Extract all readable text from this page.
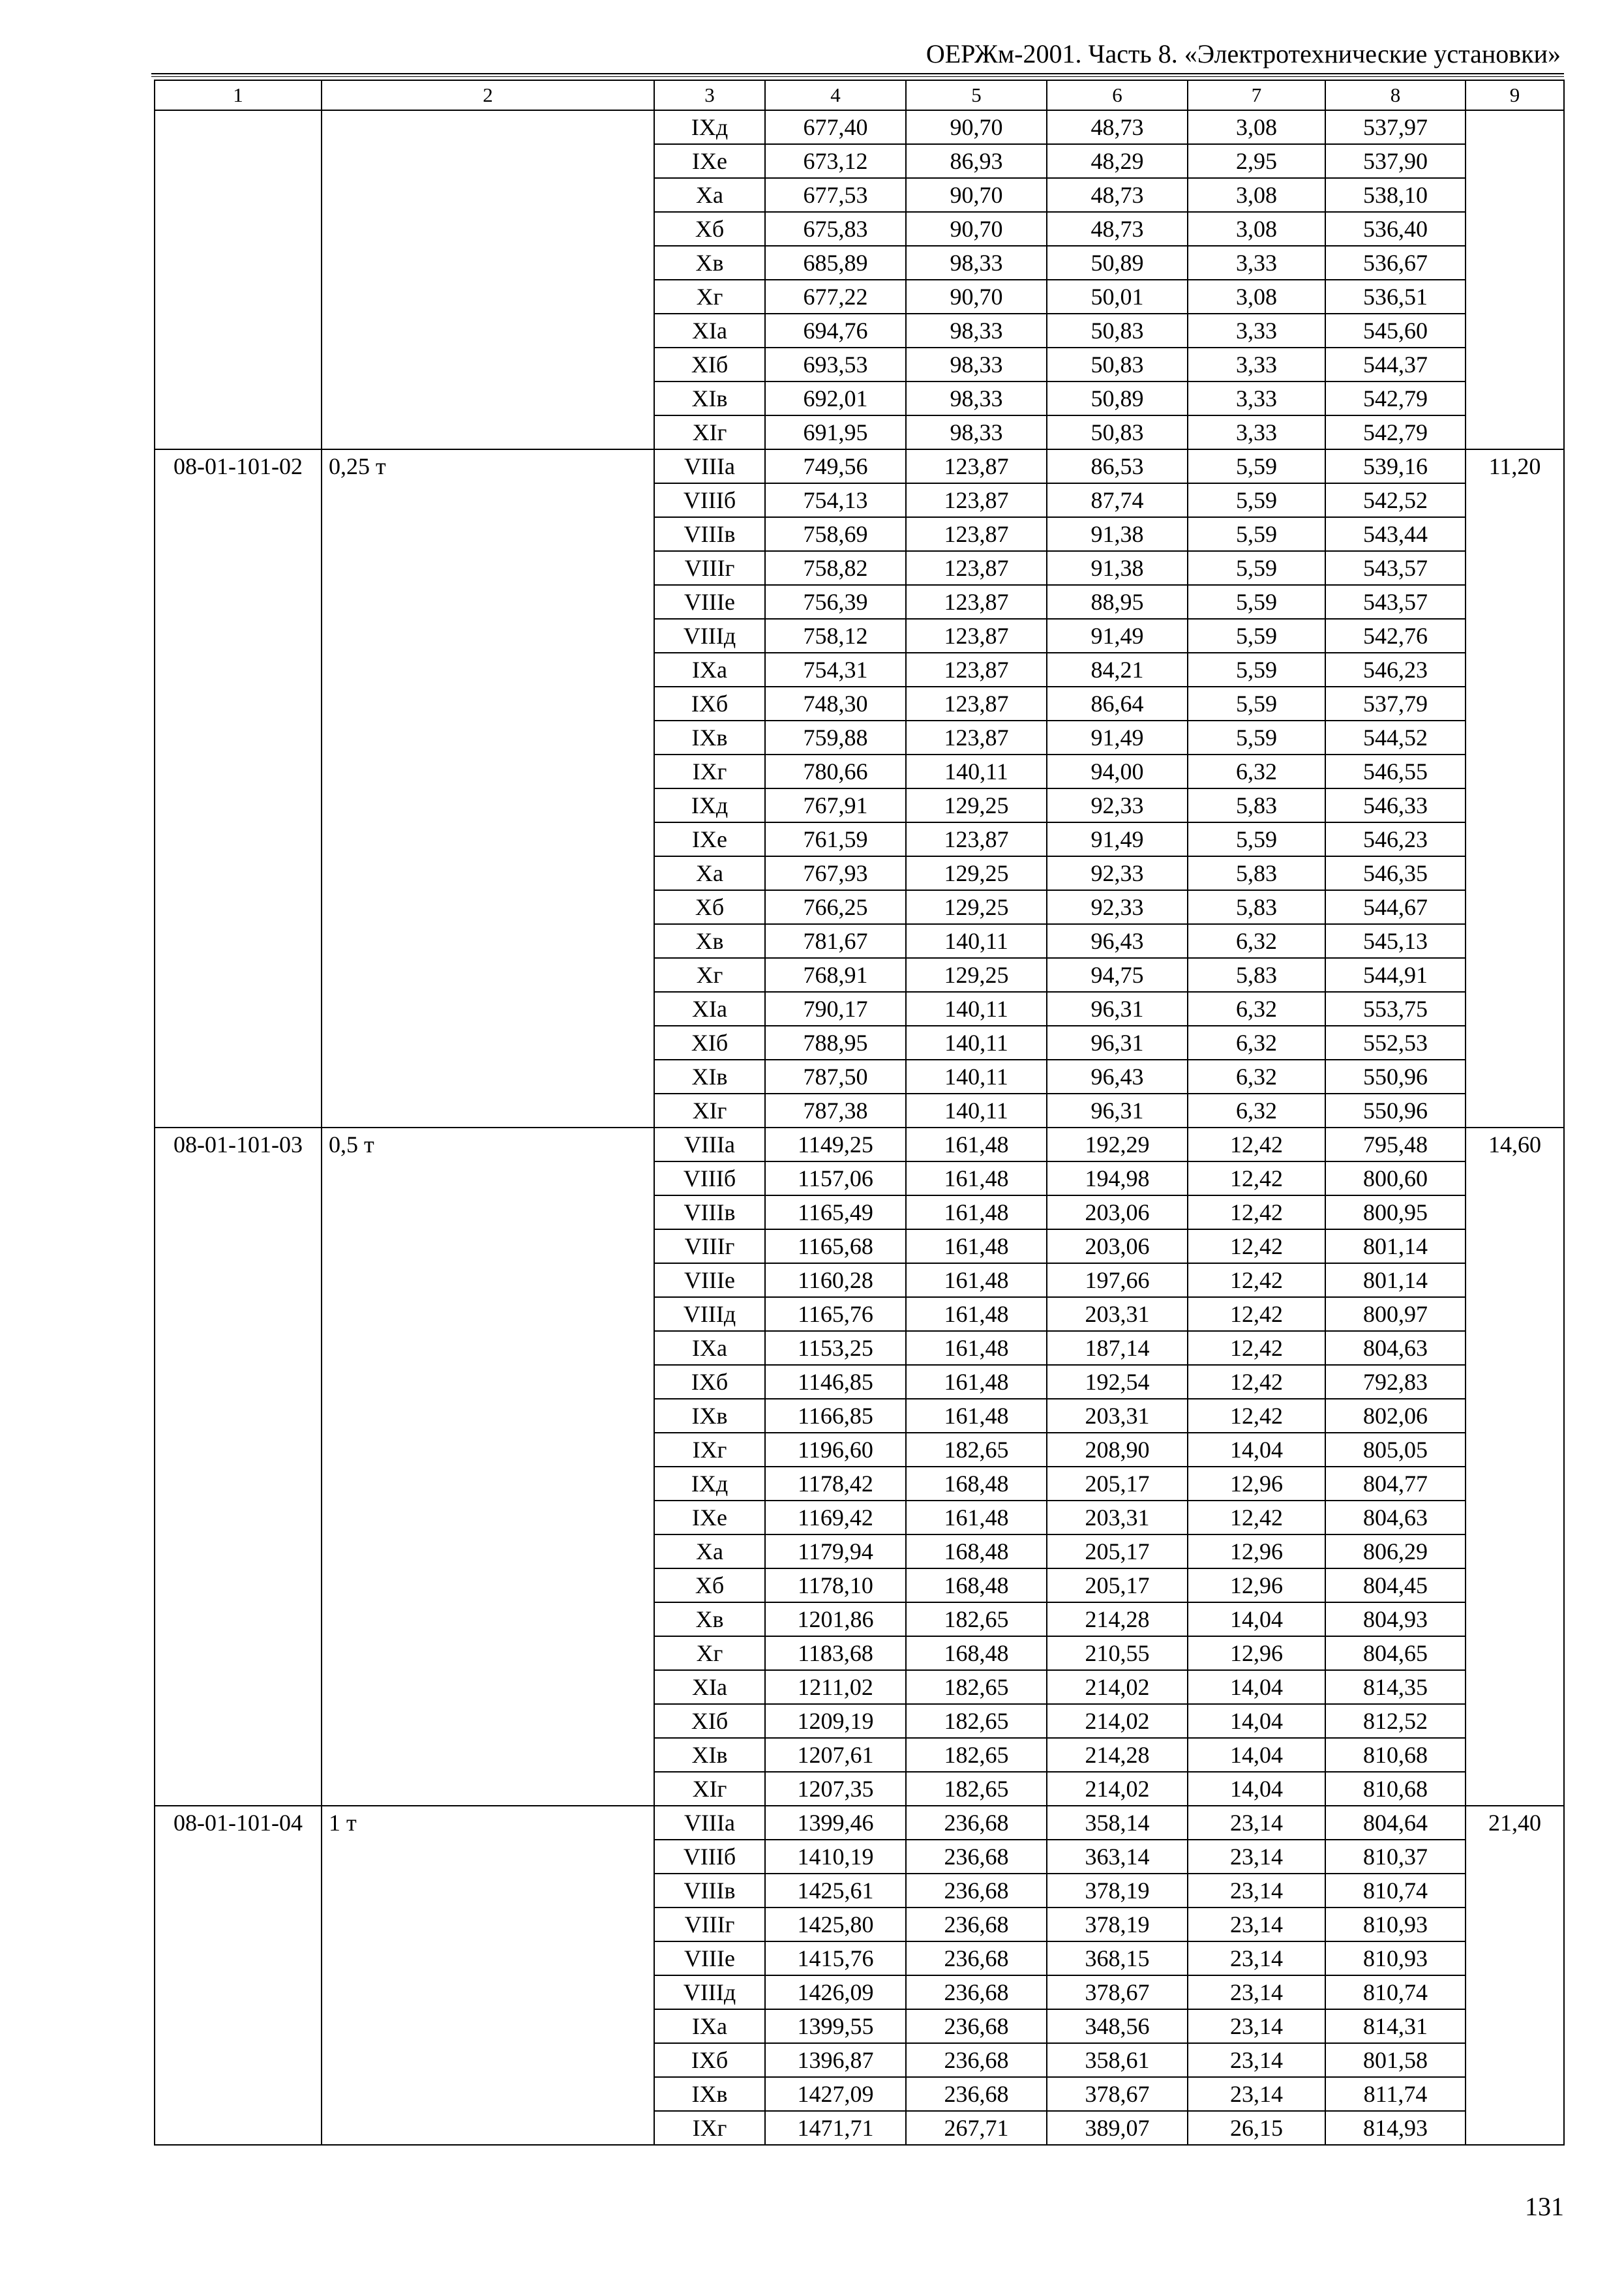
ОЕРЖм-2001. Часть 8. «Электротехнические установки»
1	2	3	4	5	6	7	8	9
		IXд	677,40	90,70	48,73	3,08	537,97	
		IXе	673,12	86,93	48,29	2,95	537,90	
		Xа	677,53	90,70	48,73	3,08	538,10	
		Xб	675,83	90,70	48,73	3,08	536,40	
		Xв	685,89	98,33	50,89	3,33	536,67	
		Xг	677,22	90,70	50,01	3,08	536,51	
		XIа	694,76	98,33	50,83	3,33	545,60	
		XIб	693,53	98,33	50,83	3,33	544,37	
		XIв	692,01	98,33	50,89	3,33	542,79	
		XIг	691,95	98,33	50,83	3,33	542,79	
08-01-101-02	0,25 т	VIIIа	749,56	123,87	86,53	5,59	539,16	11,20
		VIIIб	754,13	123,87	87,74	5,59	542,52	
		VIIIв	758,69	123,87	91,38	5,59	543,44	
		VIIIг	758,82	123,87	91,38	5,59	543,57	
		VIIIе	756,39	123,87	88,95	5,59	543,57	
		VIIIд	758,12	123,87	91,49	5,59	542,76	
		IXа	754,31	123,87	84,21	5,59	546,23	
		IXб	748,30	123,87	86,64	5,59	537,79	
		IXв	759,88	123,87	91,49	5,59	544,52	
		IXг	780,66	140,11	94,00	6,32	546,55	
		IXд	767,91	129,25	92,33	5,83	546,33	
		IXе	761,59	123,87	91,49	5,59	546,23	
		Xа	767,93	129,25	92,33	5,83	546,35	
		Xб	766,25	129,25	92,33	5,83	544,67	
		Xв	781,67	140,11	96,43	6,32	545,13	
		Xг	768,91	129,25	94,75	5,83	544,91	
		XIа	790,17	140,11	96,31	6,32	553,75	
		XIб	788,95	140,11	96,31	6,32	552,53	
		XIв	787,50	140,11	96,43	6,32	550,96	
		XIг	787,38	140,11	96,31	6,32	550,96	
08-01-101-03	0,5 т	VIIIа	1149,25	161,48	192,29	12,42	795,48	14,60
		VIIIб	1157,06	161,48	194,98	12,42	800,60	
		VIIIв	1165,49	161,48	203,06	12,42	800,95	
		VIIIг	1165,68	161,48	203,06	12,42	801,14	
		VIIIе	1160,28	161,48	197,66	12,42	801,14	
		VIIIд	1165,76	161,48	203,31	12,42	800,97	
		IXа	1153,25	161,48	187,14	12,42	804,63	
		IXб	1146,85	161,48	192,54	12,42	792,83	
		IXв	1166,85	161,48	203,31	12,42	802,06	
		IXг	1196,60	182,65	208,90	14,04	805,05	
		IXд	1178,42	168,48	205,17	12,96	804,77	
		IXе	1169,42	161,48	203,31	12,42	804,63	
		Xа	1179,94	168,48	205,17	12,96	806,29	
		Xб	1178,10	168,48	205,17	12,96	804,45	
		Xв	1201,86	182,65	214,28	14,04	804,93	
		Xг	1183,68	168,48	210,55	12,96	804,65	
		XIа	1211,02	182,65	214,02	14,04	814,35	
		XIб	1209,19	182,65	214,02	14,04	812,52	
		XIв	1207,61	182,65	214,28	14,04	810,68	
		XIг	1207,35	182,65	214,02	14,04	810,68	
08-01-101-04	1 т	VIIIа	1399,46	236,68	358,14	23,14	804,64	21,40
		VIIIб	1410,19	236,68	363,14	23,14	810,37	
		VIIIв	1425,61	236,68	378,19	23,14	810,74	
		VIIIг	1425,80	236,68	378,19	23,14	810,93	
		VIIIе	1415,76	236,68	368,15	23,14	810,93	
		VIIIд	1426,09	236,68	378,67	23,14	810,74	
		IXа	1399,55	236,68	348,56	23,14	814,31	
		IXб	1396,87	236,68	358,61	23,14	801,58	
		IXв	1427,09	236,68	378,67	23,14	811,74	
		IXг	1471,71	267,71	389,07	26,15	814,93	
131
